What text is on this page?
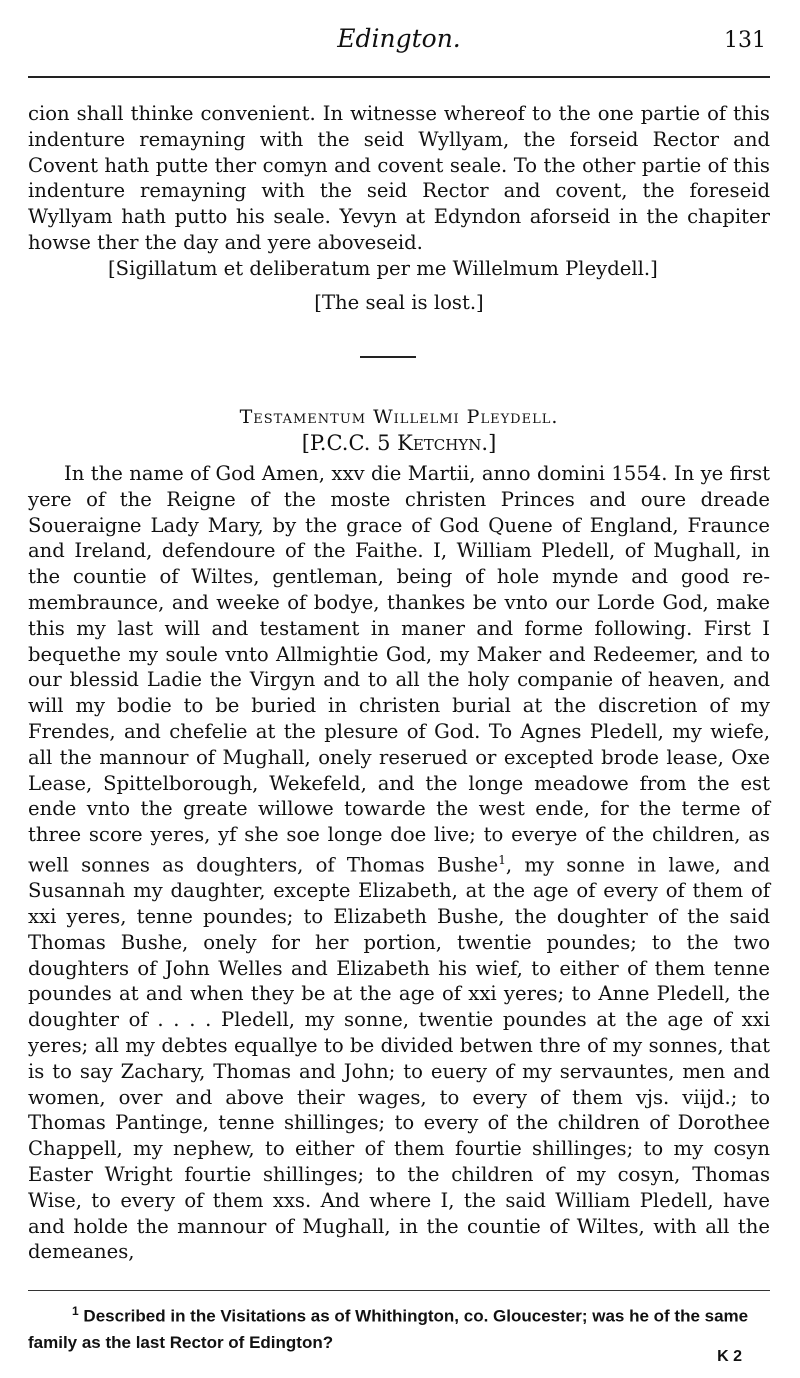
Edington.	131

cion shall thinke convenient. In witnesse whereof to the one partie of this indenture remayning with the seid Wyllyam, the forseid Rector and Covent hath putte ther comyn and covent seale. To the other partie of this indenture remayning with the seid Rector and covent, the foreseid Wyllyam hath putto his seale. Yevyn at Edyndon aforseid in the chapiter howse ther the day and yere aboveseid.

[Sigillatum et deliberatum per me Willelmum Pleydell.]

[The seal is lost.]

Testamentum Willelmi Pleydell.

[P.C.C. 5 Ketchyn.]

In the name of God Amen, xxv die Martii, anno domini 1554. In ye first yere of the Reigne of the moste christen Princes and oure dreade Soueraigne Lady Mary, by the grace of God Quene of England, Fraunce and Ireland, defendoure of the Faithe. I, William Pledell, of Mughall, in the countie of Wiltes, gentleman, being of hole mynde and good re-membraunce, and weeke of bodye, thankes be vnto our Lorde God, make this my last will and testament in maner and forme following. First I bequethe my soule vnto Allmightie God, my Maker and Redeemer, and to our blessid Ladie the Virgyn and to all the holy companie of heaven, and will my bodie to be buried in christen burial at the discretion of my Frendes, and chefelie at the plesure of God. To Agnes Pledell, my wiefe, all the mannour of Mughall, onely reserued or excepted brode lease, Oxe Lease, Spittelborough, Wekefeld, and the longe meadowe from the est ende vnto the greate willowe towarde the west ende, for the terme of three score yeres, yf she soe longe doe live; to everye of the children, as well sonnes as doughters, of Thomas Bushe$^1$, my sonne in lawe, and Susannah my daughter, excepte Elizabeth, at the age of every of them of xxi yeres, tenne poundes; to Elizabeth Bushe, the doughter of the said Thomas Bushe, onely for her portion, twentie poundes; to the two doughters of John Welles and Elizabeth his wief, to either of them tenne poundes at and when they be at the age of xxi yeres; to Anne Pledell, the doughter of . . . . Pledell, my sonne, twentie poundes at the age of xxi yeres; all my debtes equallye to be divided betwen thre of my sonnes, that is to say Zachary, Thomas and John; to euery of my servauntes, men and women, over and above their wages, to every of them vjs. viijd.; to Thomas Pantinge, tenne shillinges; to every of the children of Dorothee Chappell, my nephew, to either of them fourtie shillinges; to my cosyn Easter Wright fourtie shillinges; to the children of my cosyn, Thomas Wise, to every of them xxs. And where I, the said William Pledell, have and holde the mannour of Mughall, in the countie of Wiltes, with all the demeanes,

$^1$ Described in the Visitations as of Whithington, co. Gloucester; was he of the same family as the last Rector of Edington?

K 2
